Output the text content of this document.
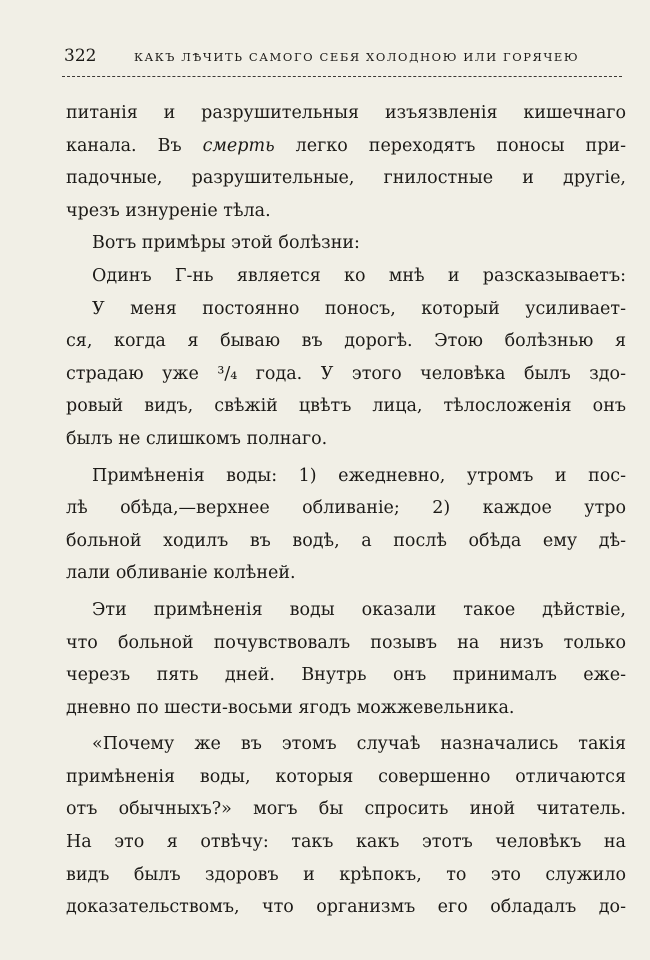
322	КАКЪ ЛѢЧИТЬ САМОГО СЕБЯ ХОЛОДНОЮ ИЛИ ГОРЯЧЕЮ
питанія и разрушительныя изъязвленія кишечнаго
канала. Въ смерть легко переходятъ поносы при-
падочные, разрушительные, гнилостные и другіе,
чрезъ изнуреніе тѣла.
Вотъ примѣры этой болѣзни:
Одинъ Г-нь является ко мнѣ и разсказываетъ:
У меня постоянно поносъ, который усиливает-
ся, когда я бываю въ дорогѣ. Этою болѣзнью я
страдаю уже ³/₄ года. У этого человѣка былъ здо-
ровый видъ, свѣжій цвѣтъ лица, тѣлосложенія онъ
былъ не слишкомъ полнаго.
Примѣненія воды: 1) ежедневно, утромъ и пос-
лѣ обѣда,—верхнее обливаніе; 2) каждое утро
больной ходилъ въ водѣ, а послѣ обѣда ему дѣ-
лали обливаніе колѣней.
Эти примѣненія воды оказали такое дѣйствіе,
что больной почувствовалъ позывъ на низъ только
черезъ пять дней. Внутрь онъ принималъ еже-
дневно по шести-восьми ягодъ можжевельника.
«Почему же въ этомъ случаѣ назначались такія
примѣненія воды, которыя совершенно отличаются
отъ обычныхъ?» могъ бы спросить иной читатель.
На это я отвѣчу: такъ какъ этотъ человѣкъ на
видъ былъ здоровъ и крѣпокъ, то это служило
доказательствомъ, что организмъ его обладалъ до-
